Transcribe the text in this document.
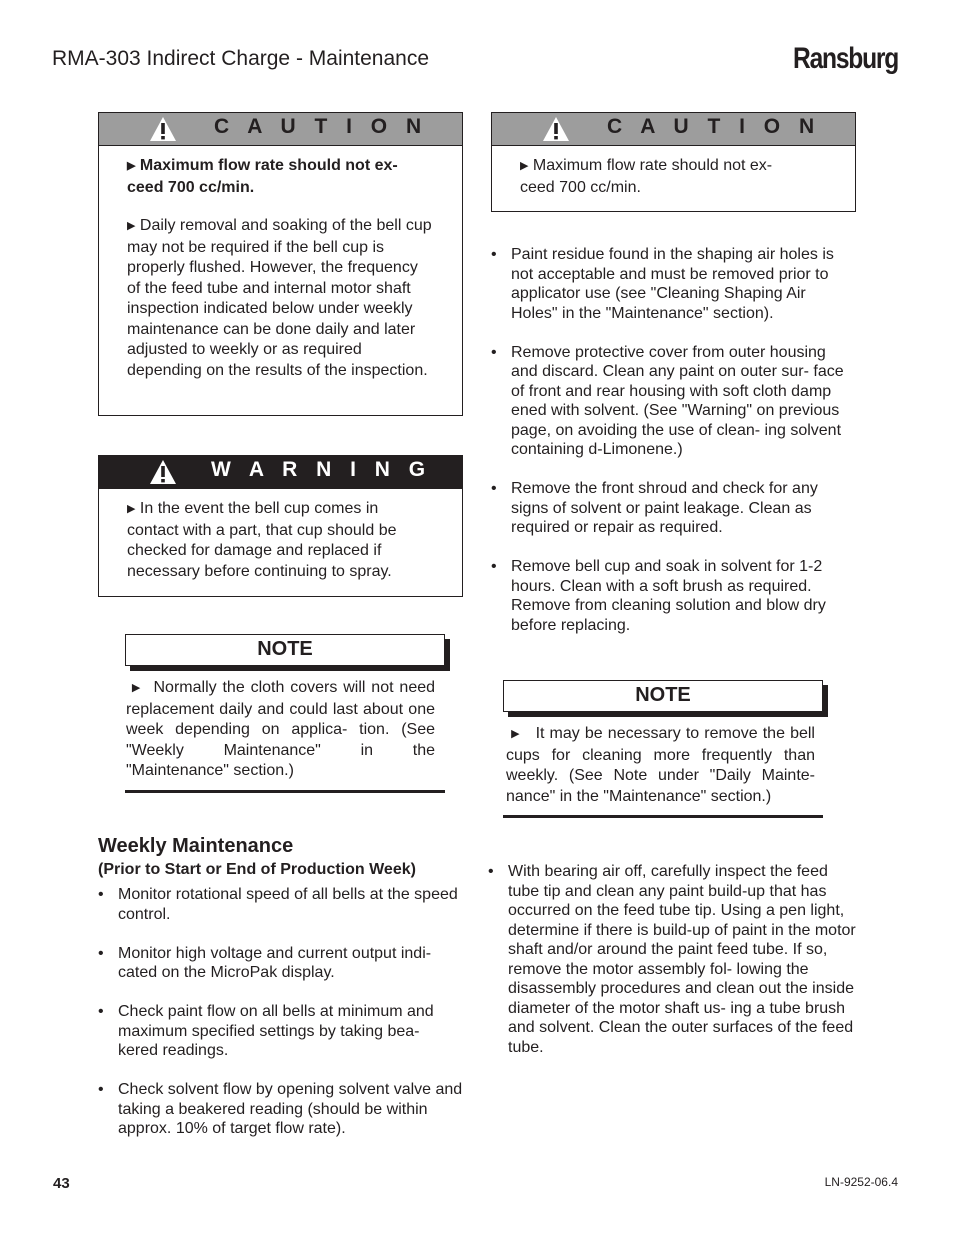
RMA-303 Indirect Charge - Maintenance	Ransburg
C A U T I O N

▶ Maximum flow rate should not ex- ceed 700 cc/min.

▶ Daily removal and soaking of the bell cup may not be required if the bell cup is properly flushed. However, the frequency of the feed tube and internal motor shaft inspection indicated below under weekly maintenance can be done daily and later adjusted to weekly or as required depending on the results of the inspection.

W A R N I N G

▶ In the event the bell cup comes in contact with a part, that cup should be checked for damage and replaced if necessary before continuing to spray.

NOTE
▶ Normally the cloth covers will not need replacement daily and could last about one week depending on applica- tion. (See "Weekly Maintenance" in the "Maintenance" section.)
Weekly Maintenance
(Prior to Start or End of Production Week)
• Monitor rotational speed of all bells at the speed control.
• Monitor high voltage and current output indi- cated on the MicroPak display.
• Check paint flow on all bells at minimum and maximum specified settings by taking bea- kered readings.
• Check solvent flow by opening solvent valve and taking a beakered reading (should be within approx. 10% of target flow rate).
C A U T I O N

▶ Maximum flow rate should not ex- ceed 700 cc/min.

• Paint residue found in the shaping air holes is not acceptable and must be removed prior to applicator use (see "Cleaning Shaping Air Holes" in the "Maintenance" section).
• Remove protective cover from outer housing and discard. Clean any paint on outer sur- face of front and rear housing with soft cloth damp ened with solvent. (See "Warning" on previous page, on avoiding the use of clean- ing solvent containing d-Limonene.)
• Remove the front shroud and check for any signs of solvent or paint leakage. Clean as required or repair as required.
• Remove bell cup and soak in solvent for 1-2 hours. Clean with a soft brush as required. Remove from cleaning solution and blow dry before replacing.
NOTE
▶ It may be necessary to remove the bell cups for cleaning more frequently than weekly. (See Note under "Daily Mainte- nance" in the "Maintenance" section.)
• With bearing air off, carefully inspect the feed tube tip and clean any paint build-up that has occurred on the feed tube tip. Using a pen light, determine if there is build-up of paint in the motor shaft and/or around the paint feed tube. If so, remove the motor assembly fol- lowing the disassembly procedures and clean out the inside diameter of the motor shaft us- ing a tube brush and solvent. Clean the outer surfaces of the feed tube.
43	LN-9252-06.4
